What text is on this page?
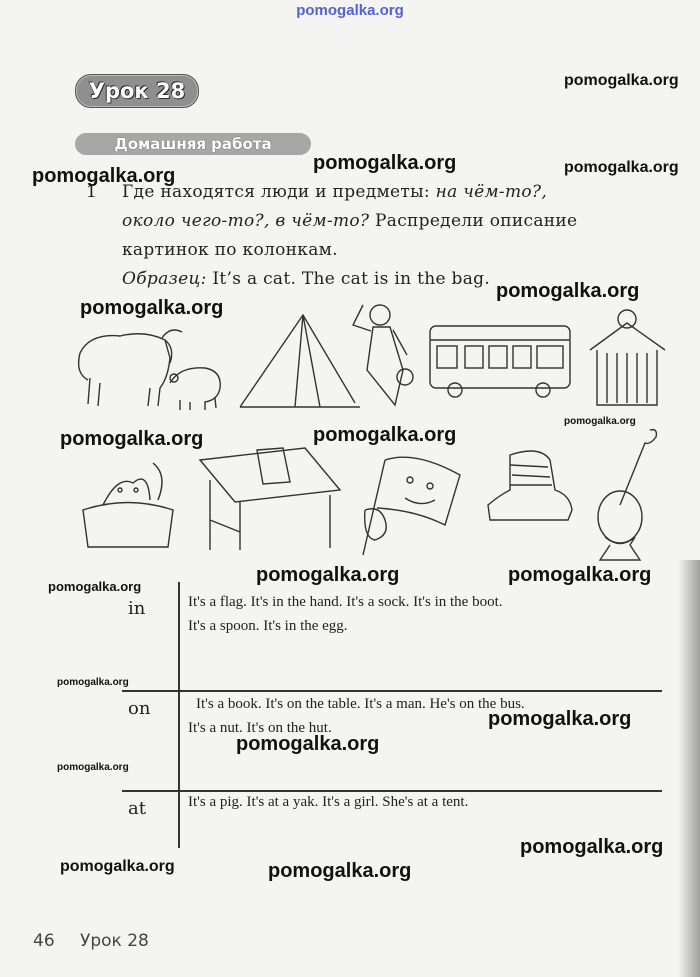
pomogalka.org
Урок 28
Домашняя работа
1 Где находятся люди и предметы: на чём-то?,
около чего-то?, в чём-то? Распредели описание
картинок по колонкам.
Образец: It’s a cat. The cat is in the bag.
pomogalka.org
pomogalka.org	pomogalka.org
pomogalka.org
pomogalka.org
pomogalka.org
pomogalka.org
pomogalka.org
pomogalka.org
pomogalka.org	pomogalka.org
pomogalka.org
pomogalka.org
pomogalka.org
pomogalka.org
pomogalka.org
pomogalka.org
pomogalka.org	pomogalka.org
in	It's a flag. It's in the hand. It's a sock. It's in the boot.
It's a spoon. It's in the egg.
on	It's a book. It's on the table. It's a man. He's on the bus.
It's a nut. It's on the hut.
at	It's a pig. It's at a yak. It's a girl. She's at a tent.
46 Урок 28
